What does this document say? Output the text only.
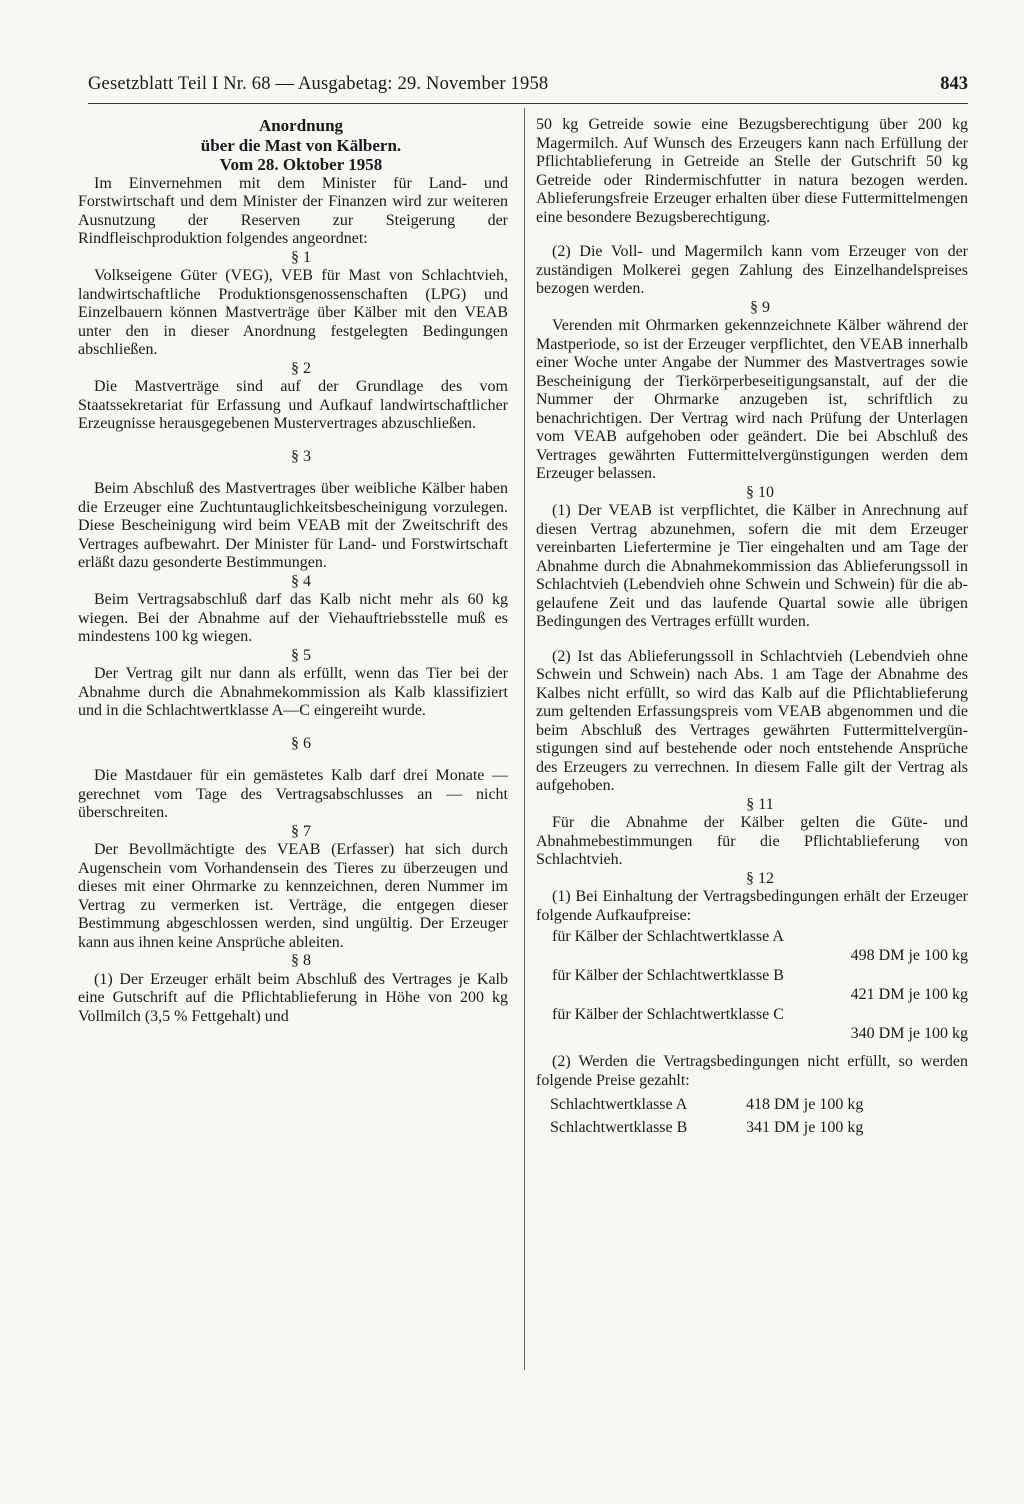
Gesetzblatt Teil I Nr. 68 — Ausgabetag: 29. November 1958	843

Anordnung

über die Mast von Kälbern.

Vom 28. Oktober 1958

Im Einvernehmen mit dem Minister für Land- und Forstwirtschaft und dem Minister der Finanzen wird zur weiteren Ausnutzung der Reserven zur Steigerung der Rindfleischproduktion folgendes angeordnet:

§ 1

Volkseigene Güter (VEG), VEB für Mast von Schlachtvieh, landwirtschaftliche Produktionsgenossenschaften (LPG) und Einzelbauern können Mastverträge über Kälber mit den VEAB unter den in dieser Anordnung festgelegten Bedingungen abschließen.

§ 2

Die Mastverträge sind auf der Grundlage des vom Staatssekretariat für Erfassung und Aufkauf landwirtschaftlicher Erzeugnisse herausgegebenen Mustervertrages abzuschließen.

§ 3

Beim Abschluß des Mastvertrages über weibliche Kälber haben die Erzeuger eine Zuchtuntauglichkeitsbescheinigung vorzulegen. Diese Bescheinigung wird beim VEAB mit der Zweitschrift des Vertrages aufbewahrt. Der Minister für Land- und Forstwirtschaft erläßt dazu gesonderte Bestimmungen.

§ 4

Beim Vertragsabschluß darf das Kalb nicht mehr als 60 kg wiegen. Bei der Abnahme auf der Viehauftriebsstelle muß es mindestens 100 kg wiegen.

§ 5

Der Vertrag gilt nur dann als erfüllt, wenn das Tier bei der Abnahme durch die Abnahmekommission als Kalb klassifiziert und in die Schlachtwertklasse A—C eingereiht wurde.

§ 6

Die Mastdauer für ein gemästetes Kalb darf drei Monate — gerechnet vom Tage des Vertragsabschlusses an — nicht überschreiten.

§ 7

Der Bevollmächtigte des VEAB (Erfasser) hat sich durch Augenschein vom Vorhandensein des Tieres zu überzeugen und dieses mit einer Ohrmarke zu kennzeichnen, deren Nummer im Vertrag zu vermerken ist. Verträge, die entgegen dieser Bestimmung abgeschlossen werden, sind ungültig. Der Erzeuger kann aus ihnen keine Ansprüche ableiten.

§ 8

(1) Der Erzeuger erhält beim Abschluß des Vertrages je Kalb eine Gutschrift auf die Pflichtablieferung in Höhe von 200 kg Vollmilch (3,5 % Fettgehalt) und

50 kg Getreide sowie eine Bezugsberechtigung über 200 kg Magermilch. Auf Wunsch des Erzeugers kann nach Erfüllung der Pflichtablieferung in Getreide an Stelle der Gutschrift 50 kg Getreide oder Rindermischfutter in natura bezogen werden. Ablieferungsfreie Erzeuger erhalten über diese Futtermittelmengen eine besondere Bezugsberechtigung.

(2) Die Voll- und Magermilch kann vom Erzeuger von der zuständigen Molkerei gegen Zahlung des Einzelhandelspreises bezogen werden.

§ 9

Verenden mit Ohrmarken gekennzeichnete Kälber während der Mastperiode, so ist der Erzeuger verpflichtet, den VEAB innerhalb einer Woche unter Angabe der Nummer des Mastvertrages sowie Bescheinigung der Tierkörperbeseitigungsanstalt, auf der die Nummer der Ohrmarke anzugeben ist, schriftlich zu benachrichtigen. Der Vertrag wird nach Prüfung der Unterlagen vom VEAB aufgehoben oder geändert. Die bei Abschluß des Vertrages gewährten Futtermittelvergünstigungen werden dem Erzeuger belassen.

§ 10

(1) Der VEAB ist verpflichtet, die Kälber in Anrechnung auf diesen Vertrag abzunehmen, sofern die mit dem Erzeuger vereinbarten Liefertermine je Tier eingehalten und am Tage der Abnahme durch die Abnahmekommission das Ablieferungssoll in Schlachtvieh (Lebendvieh ohne Schwein und Schwein) für die abgelaufene Zeit und das laufende Quartal sowie alle übrigen Bedingungen des Vertrages erfüllt wurden.

(2) Ist das Ablieferungssoll in Schlachtvieh (Lebendvieh ohne Schwein und Schwein) nach Abs. 1 am Tage der Abnahme des Kalbes nicht erfüllt, so wird das Kalb auf die Pflichtablieferung zum geltenden Erfassungspreis vom VEAB abgenommen und die beim Abschluß des Vertrages gewährten Futtermittelvergünstigungen sind auf bestehende oder noch entstehende Ansprüche des Erzeugers zu verrechnen. In diesem Falle gilt der Vertrag als aufgehoben.

§ 11

Für die Abnahme der Kälber gelten die Güte- und Abnahmebestimmungen für die Pflichtablieferung von Schlachtvieh.

§ 12

(1) Bei Einhaltung der Vertragsbedingungen erhält der Erzeuger folgende Aufkaufpreise:

für Kälber der Schlachtwertklasse A
498 DM je 100 kg
für Kälber der Schlachtwertklasse B
421 DM je 100 kg
für Kälber der Schlachtwertklasse C
340 DM je 100 kg

(2) Werden die Vertragsbedingungen nicht erfüllt, so werden folgende Preise gezahlt:

Schlachtwertklasse A	418 DM je 100 kg
Schlachtwertklasse B	341 DM je 100 kg
